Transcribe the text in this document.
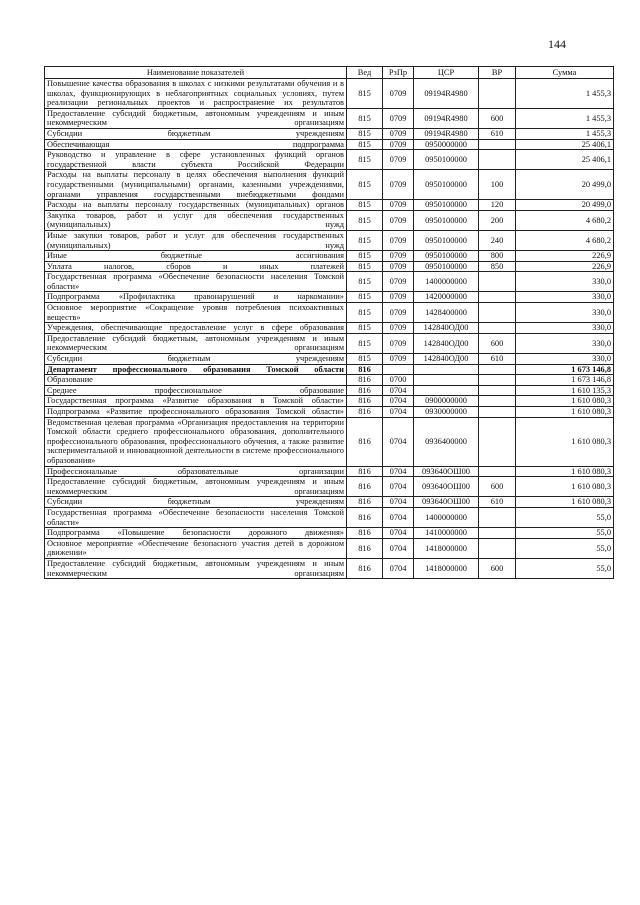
144
Наименование показателей	Вед	РзПр	ЦСР	ВР	Сумма
Повышение качества образования в школах с низкими результатами обучения и в школах, функционирующих в неблагоприятных социальных условиях, путем реализации региональных проектов и распространение их результатов	815	0709	09194R4980		1 455,3
Предоставление субсидий бюджетным, автономным учреждениям и иным некоммерческим организациям	815	0709	09194R4980	600	1 455,3
Субсидии бюджетным учреждениям	815	0709	09194R4980	610	1 455,3
Обеспечивающая подпрограмма	815	0709	0950000000		25 406,1
Руководство и управление в сфере установленных функций органов государственной власти субъекта Российской Федерации	815	0709	0950100000		25 406,1
Расходы на выплаты персоналу в целях обеспечения выполнения функций государственными (муниципальными) органами, казенными учреждениями, органами управления государственными внебюджетными фондами	815	0709	0950100000	100	20 499,0
Расходы на выплаты персоналу государственных (муниципальных) органов	815	0709	0950100000	120	20 499,0
Закупка товаров, работ и услуг для обеспечения государственных (муниципальных) нужд	815	0709	0950100000	200	4 680,2
Иные закупки товаров, работ и услуг для обеспечения государственных (муниципальных) нужд	815	0709	0950100000	240	4 680,2
Иные бюджетные ассигнования	815	0709	0950100000	800	226,9
Уплата налогов, сборов и иных платежей	815	0709	0950100000	850	226,9
Государственная программа «Обеспечение безопасности населения Томской области»	815	0709	1400000000		330,0
Подпрограмма «Профилактика правонарушений и наркомании»	815	0709	1420000000		330,0
Основное мероприятие «Сокращение уровня потребления психоактивных веществ»	815	0709	1428400000		330,0
Учреждения, обеспечивающие предоставление услуг в сфере образования	815	0709	142840ОД00		330,0
Предоставление субсидий бюджетным, автономным учреждениям и иным некоммерческим организациям	815	0709	142840ОД00	600	330,0
Субсидии бюджетным учреждениям	815	0709	142840ОД00	610	330,0
Департамент профессионального образования Томской области	816				1 673 146,8
Образование	816	0700			1 673 146,8
Среднее профессиональное образование	816	0704			1 610 135,3
Государственная программа «Развитие образования в Томской области»	816	0704	0900000000		1 610 080,3
Подпрограмма «Развитие профессионального образования Томской области»	816	0704	0930000000		1 610 080,3
Ведомственная целевая программа «Организация предоставления на территории Томской области среднего профессионального образования, дополнительного профессионального образования, профессионального обучения, а также развитие экспериментальной и инновационной деятельности в системе профессионального образования»	816	0704	0936400000		1 610 080,3
Профессиональные образовательные организации	816	0704	093640ОШ00		1 610 080,3
Предоставление субсидий бюджетным, автономным учреждениям и иным некоммерческим организациям	816	0704	093640ОШ00	600	1 610 080,3
Субсидии бюджетным учреждениям	816	0704	093640ОШ00	610	1 610 080,3
Государственная программа «Обеспечение безопасности населения Томской области»	816	0704	1400000000		55,0
Подпрограмма «Повышение безопасности дорожного движения»	816	0704	1410000000		55,0
Основное мероприятие «Обеспечение безопасного участия детей в дорожном движении»	816	0704	1418000000		55,0
Предоставление субсидий бюджетным, автономным учреждениям и иным некоммерческим организациям	816	0704	1418000000	600	55,0
